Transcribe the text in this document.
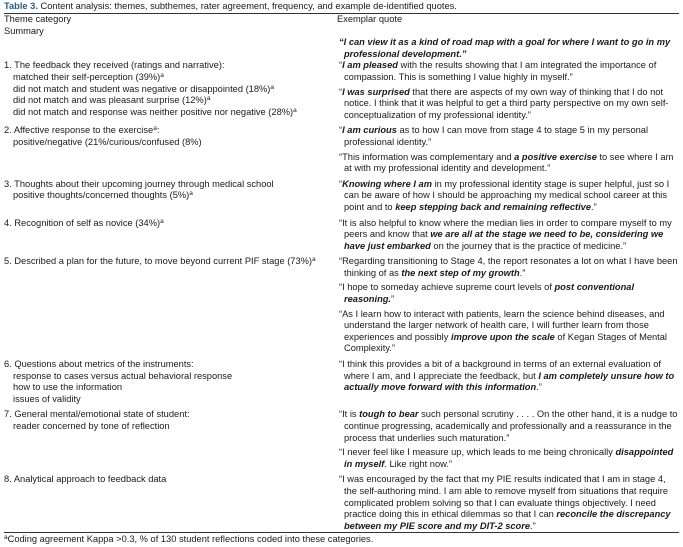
Table 3. Content analysis: themes, subthemes, rater agreement, frequency, and example de-identified quotes.
Theme category
Summary
Exemplar quote
“I can view it as a kind of road map with a goal for where I want to go in my professional development.”
1. The feedback they received (ratings and narrative):
matched their self-perception $(39\%)^a$
did not match and student was negative or disappointed $(18\%)^a$
did not match and was pleasant surprise $(12\%)^a$
did not match and response was neither positive nor negative $(28\%)^a$
“I am pleased with the results showing that I am integrated the importance of compassion. This is something I value highly in myself.”
“I was surprised that there are aspects of my own way of thinking that I do not notice. I think that it was helpful to get a third party perspective on my own self-conceptualization of my professional identity.”
2. Affective response to the exercise$^a$:
positive/negative (21%/curious/confused (8%)
“I am curious as to how I can move from stage 4 to stage 5 in my personal professional identity.”
“This information was complementary and a positive exercise to see where I am at with my professional identity and development.”
3. Thoughts about their upcoming journey through medical school
positive thoughts/concerned thoughts $(5\%)^a$
“Knowing where I am in my professional identity stage is super helpful, just so I can be aware of how I should be approaching my medical school career at this point and to keep stepping back and remaining reflective.”
4. Recognition of self as novice $(34\%)^a$	“It is also helpful to know where the median lies in order to compare myself to my peers and know that we are all at the stage we need to be, considering we have just embarked on the journey that is the practice of medicine.”
5. Described a plan for the future, to move beyond current PIF stage $(73\%)^a$	“Regarding transitioning to Stage 4, the report resonates a lot on what I have been thinking of as the next step of my growth.”
“I hope to someday achieve supreme court levels of post conventional reasoning.”
“As I learn how to interact with patients, learn the science behind diseases, and understand the larger network of health care, I will further learn from those experiences and possibly improve upon the scale of Kegan Stages of Mental Complexity.”
6. Questions about metrics of the instruments:
response to cases versus actual behavioral response
how to use the information
issues of validity
“I think this provides a bit of a background in terms of an external evaluation of where I am, and I appreciate the feedback, but I am completely unsure how to actually move forward with this information.”
7. General mental/emotional state of student:
reader concerned by tone of reflection
“It is tough to bear such personal scrutiny . . . . On the other hand, it is a nudge to continue progressing, academically and professionally and a reassurance in the process that underlies such maturation.”
“I never feel like I measure up, which leads to me being chronically disappointed in myself. Like right now.”
8. Analytical approach to feedback data	“I was encouraged by the fact that my PIE results indicated that I am in stage 4, the self-authoring mind. I am able to remove myself from situations that require complicated problem solving so that I can evaluate things objectively. I need practice doing this in ethical dilemmas so that I can reconcile the discrepancy between my PIE score and my DIT-2 score.”
$^a$Coding agreement Kappa >0.3, % of 130 student reflections coded into these categories.
